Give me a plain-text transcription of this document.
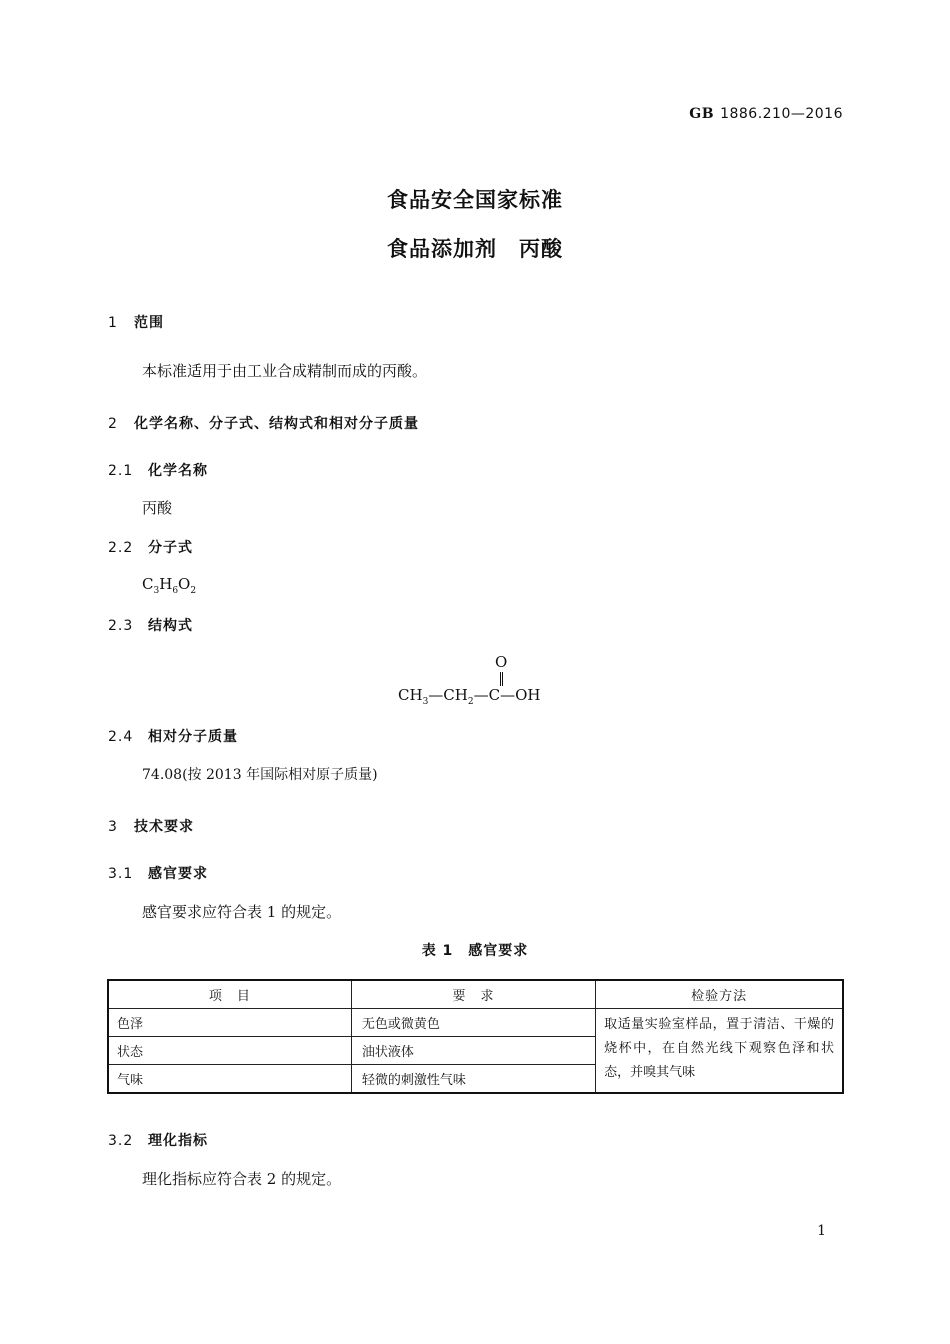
GB 1886.210—2016
食品安全国家标准
食品添加剂　丙酸
1 范围
本标准适用于由工业合成精制而成的丙酸。
2 化学名称、分子式、结构式和相对分子质量
2.1 化学名称
丙酸
2.2 分子式
$C_3H_6O_2$
2.3 结构式
O
$CH_3—CH_2—C—OH$
2.4 相对分子质量
74.08(按 2013 年国际相对原子质量)
3 技术要求
3.1 感官要求
感官要求应符合表 1 的规定。
表 1　感官要求
项　目	要　求	检验方法
色泽	无色或微黄色	取适量实验室样品，置于清洁、干燥的烧杯中，在自然光线下观察色泽和状态，并嗅其气味
状态	油状液体	
气味	轻微的刺激性气味	
3.2 理化指标
理化指标应符合表 2 的规定。
1
